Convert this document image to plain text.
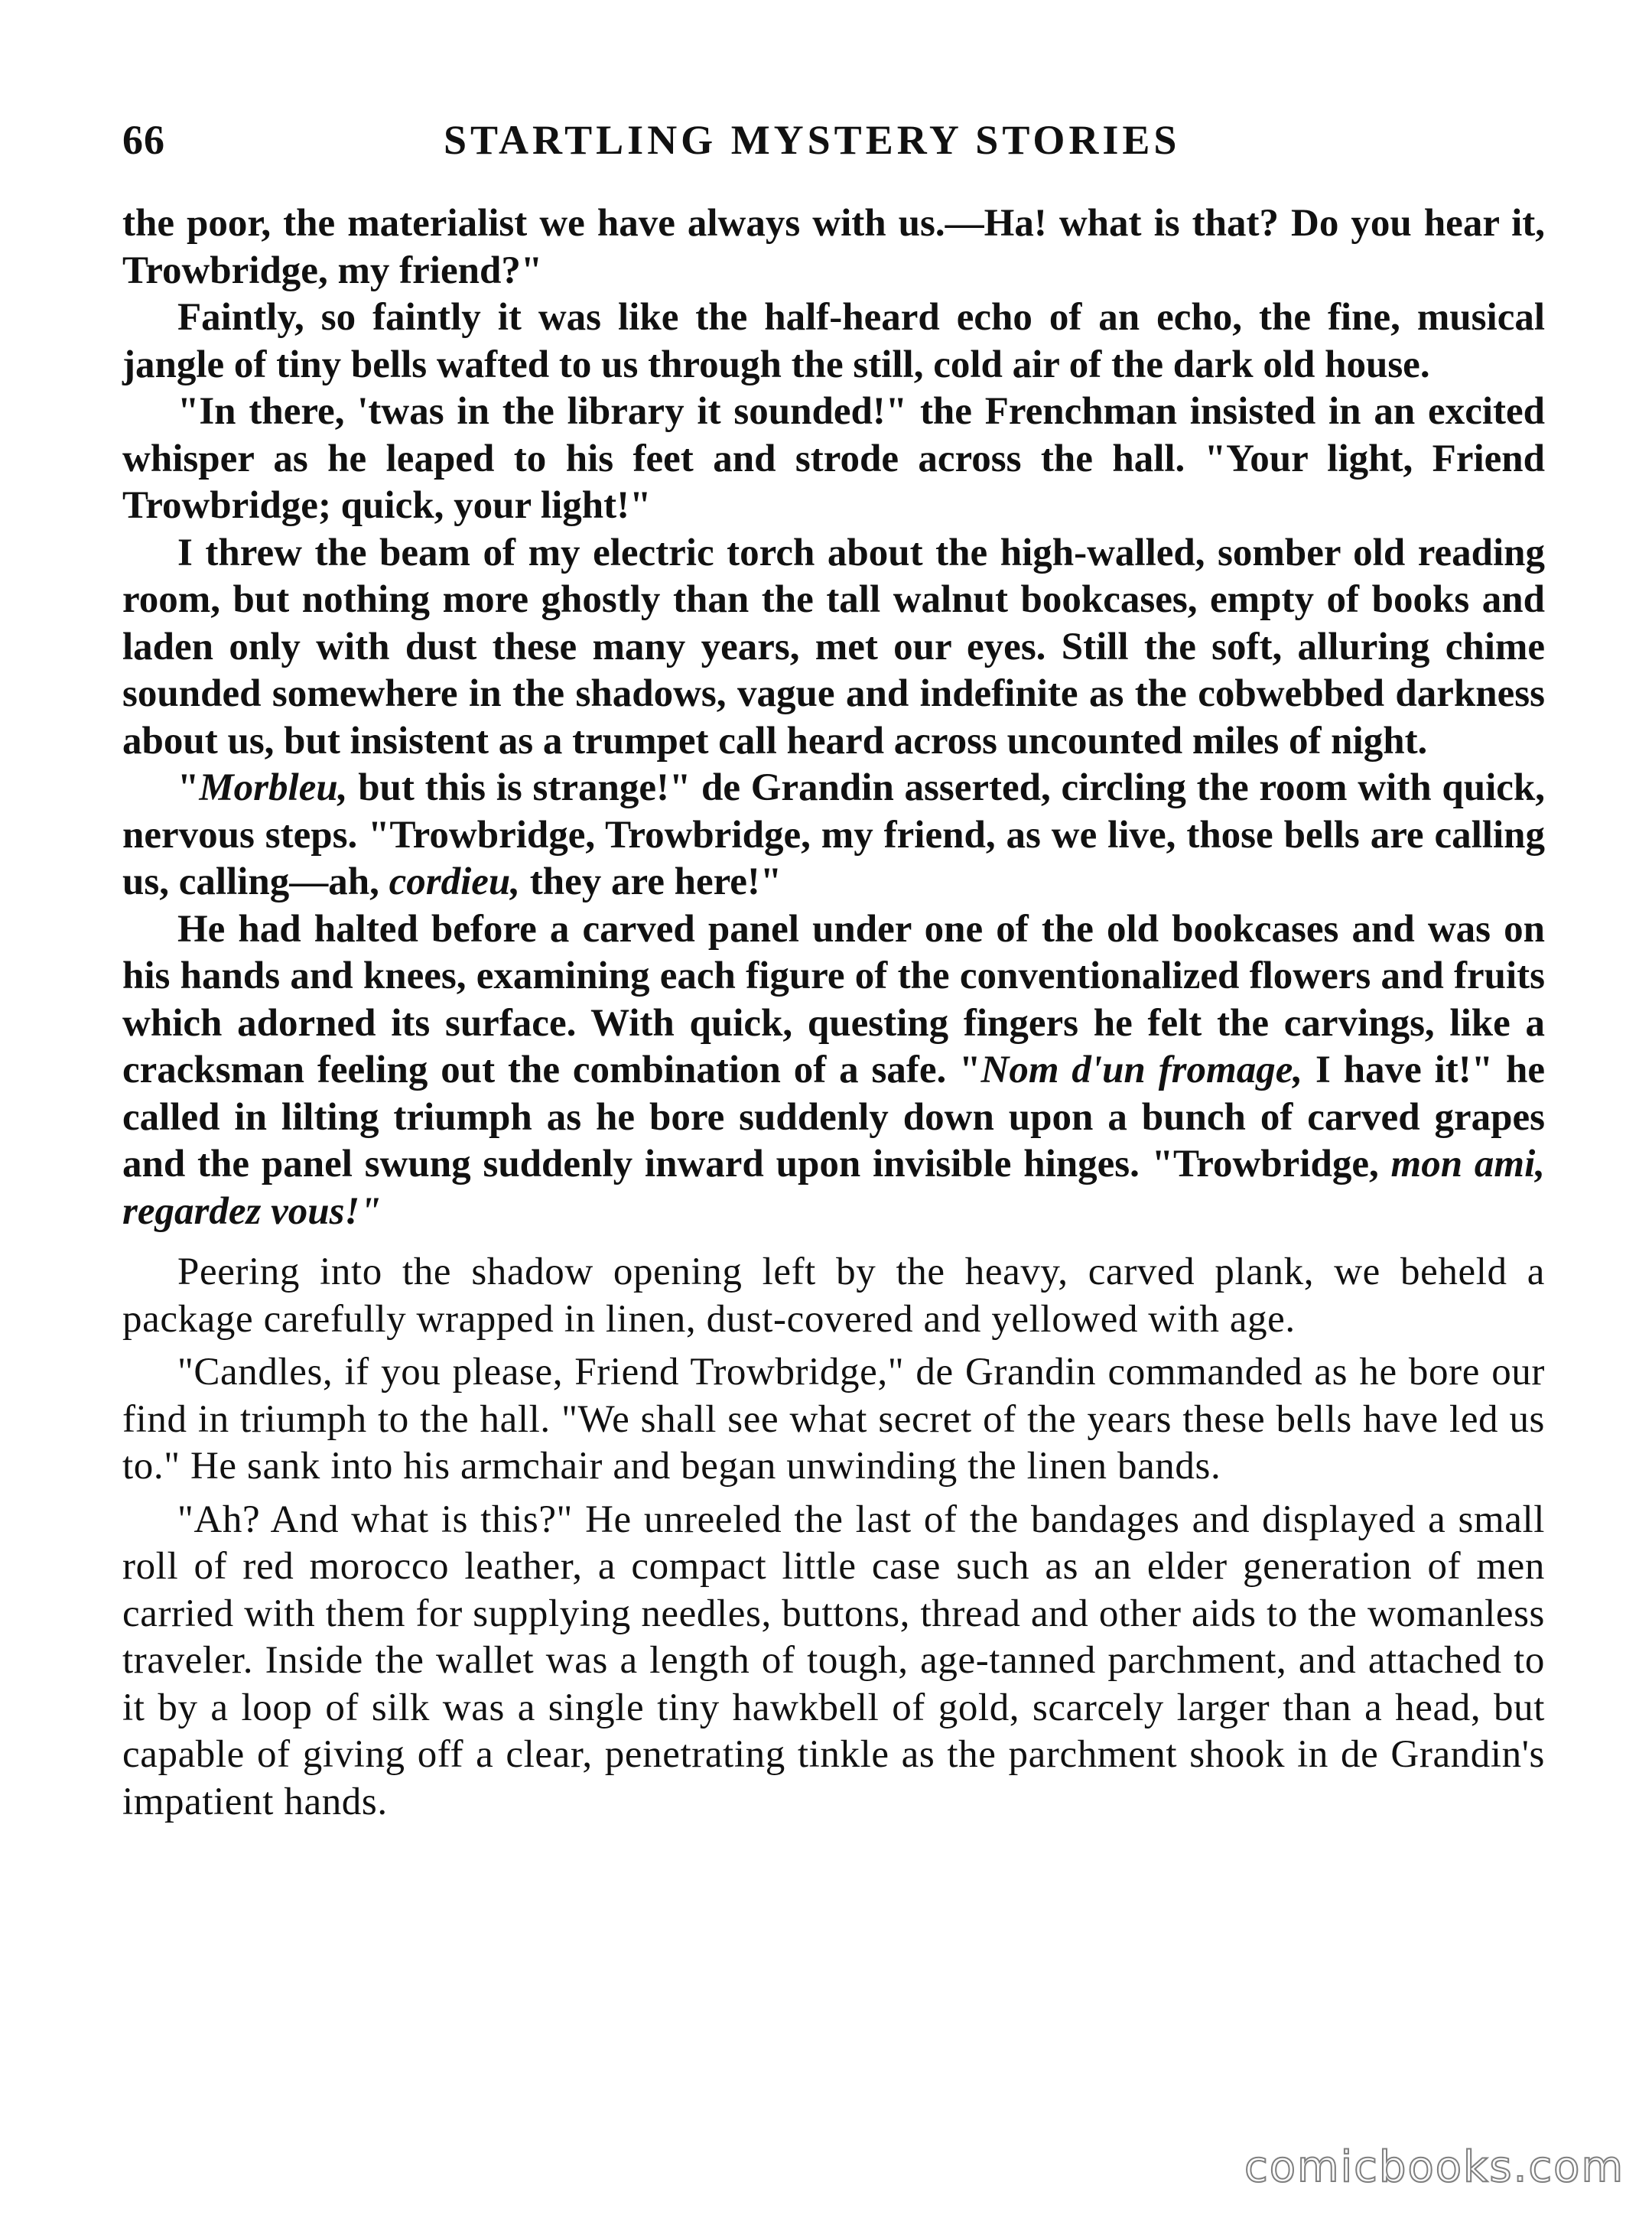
66	STARTLING MYSTERY STORIES

the poor, the materialist we have always with us.—Ha! what is that? Do you hear it, Trowbridge, my friend?"

Faintly, so faintly it was like the half-heard echo of an echo, the fine, musical jangle of tiny bells wafted to us through the still, cold air of the dark old house.

"In there, 'twas in the library it sounded!" the Frenchman insisted in an excited whisper as he leaped to his feet and strode across the hall. "Your light, Friend Trowbridge; quick, your light!"

I threw the beam of my electric torch about the high-walled, somber old reading room, but nothing more ghostly than the tall walnut bookcases, empty of books and laden only with dust these many years, met our eyes. Still the soft, alluring chime sounded somewhere in the shadows, vague and indefinite as the cobwebbed darkness about us, but insistent as a trumpet call heard across uncounted miles of night.

"Morbleu, but this is strange!" de Grandin asserted, circling the room with quick, nervous steps. "Trowbridge, Trowbridge, my friend, as we live, those bells are calling us, calling—ah, cordieu, they are here!"

He had halted before a carved panel under one of the old bookcases and was on his hands and knees, examining each figure of the conventionalized flowers and fruits which adorned its surface. With quick, questing fingers he felt the carvings, like a cracksman feeling out the combination of a safe. "Nom d'un fromage, I have it!" he called in lilting triumph as he bore suddenly down upon a bunch of carved grapes and the panel swung suddenly inward upon invisible hinges. "Trowbridge, mon ami, regardez vous!"

Peering into the shadow opening left by the heavy, carved plank, we beheld a package carefully wrapped in linen, dust-covered and yellowed with age.

"Candles, if you please, Friend Trowbridge," de Grandin commanded as he bore our find in triumph to the hall. "We shall see what secret of the years these bells have led us to." He sank into his armchair and began unwinding the linen bands.

"Ah? And what is this?" He unreeled the last of the bandages and displayed a small roll of red morocco leather, a compact little case such as an elder generation of men carried with them for supplying needles, buttons, thread and other aids to the womanless traveler. Inside the wallet was a length of tough, age-tanned parchment, and attached to it by a loop of silk was a single tiny hawkbell of gold, scarcely larger than a head, but capable of giving off a clear, penetrating tinkle as the parchment shook in de Grandin's impatient hands.

comicbooks.com
